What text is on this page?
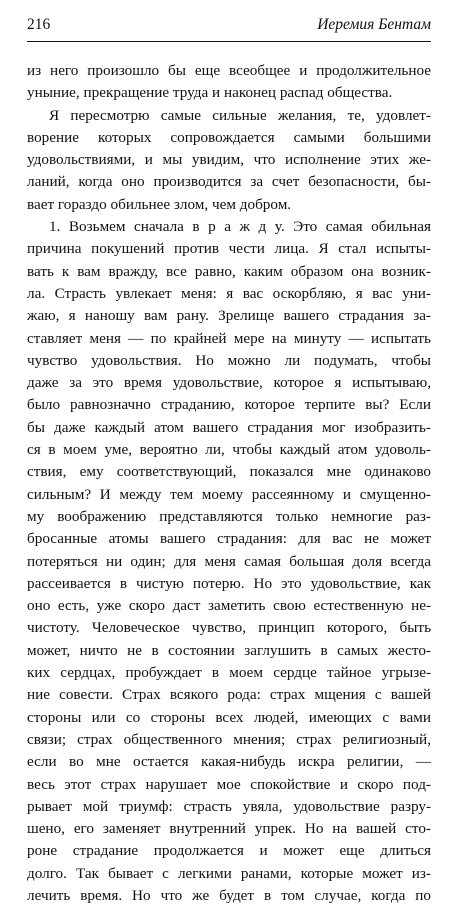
216	Иеремия Бентам
из него произошло бы еще всеобщее и продолжительное
уныние, прекращение труда и наконец распад общества.
Я пересмотрю самые сильные желания, те, удовлет-
ворение которых сопровождается самыми большими
удовольствиями, и мы увидим, что исполнение этих же-
ланий, когда оно производится за счет безопасности, бы-
вает гораздо обильнее злом, чем добром.
1. Возьмем сначала в р а ж д у. Это самая обильная
причина покушений против чести лица. Я стал испыты-
вать к вам вражду, все равно, каким образом она возник-
ла. Страсть увлекает меня: я вас оскорбляю, я вас уни-
жаю, я наношу вам рану. Зрелище вашего страдания за-
ставляет меня — по крайней мере на минуту — испытать
чувство удовольствия. Но можно ли подумать, чтобы
даже за это время удовольствие, которое я испытываю,
было равнозначно страданию, которое терпите вы? Если
бы даже каждый атом вашего страдания мог изобразить-
ся в моем уме, вероятно ли, чтобы каждый атом удоволь-
ствия, ему соответствующий, показался мне одинаково
сильным? И между тем моему рассеянному и смущенно-
му воображению представляются только немногие раз-
бросанные атомы вашего страдания: для вас не может
потеряться ни один; для меня самая большая доля всегда
рассеивается в чистую потерю. Но это удовольствие, как
оно есть, уже скоро даст заметить свою естественную не-
чистоту. Человеческое чувство, принцип которого, быть
может, ничто не в состоянии заглушить в самых жесто-
ких сердцах, пробуждает в моем сердце тайное угрызе-
ние совести. Страх всякого рода: страх мщения с вашей
стороны или со стороны всех людей, имеющих с вами
связи; страх общественного мнения; страх религиозный,
если во мне остается какая-нибудь искра религии, —
весь этот страх нарушает мое спокойствие и скоро под-
рывает мой триумф: страсть увяла, удовольствие разру-
шено, его заменяет внутренний упрек. Но на вашей сто-
роне страдание продолжается и может еще длиться
долго. Так бывает с легкими ранами, которые может из-
лечить время. Но что же будет в том случае, когда по
